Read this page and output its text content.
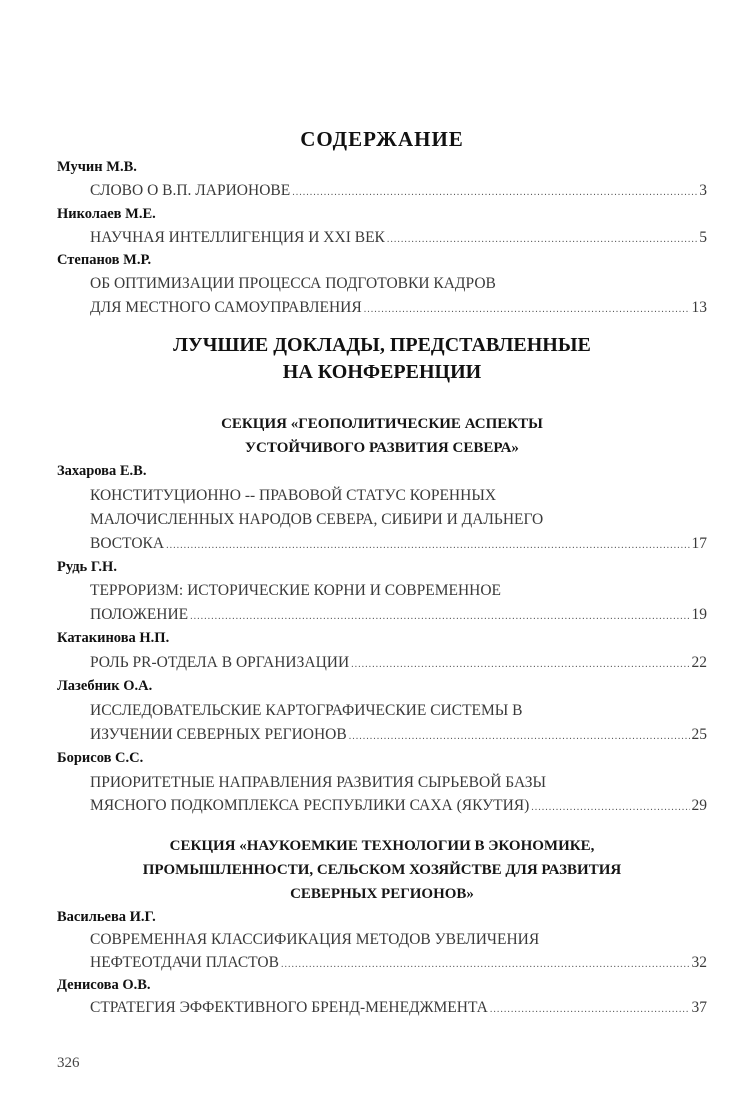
СОДЕРЖАНИЕ
Мучин М.В.
СЛОВО О В.П. ЛАРИОНОВЕ .....	3
Николаев М.Е.
НАУЧНАЯ ИНТЕЛЛИГЕНЦИЯ И XXI ВЕК .....	5
Степанов М.Р.
ОБ ОПТИМИЗАЦИИ ПРОЦЕССА ПОДГОТОВКИ КАДРОВ
ДЛЯ МЕСТНОГО САМОУПРАВЛЕНИЯ .....	13
ЛУЧШИЕ ДОКЛАДЫ, ПРЕДСТАВЛЕННЫЕ
НА КОНФЕРЕНЦИИ
СЕКЦИЯ «ГЕОПОЛИТИЧЕСКИЕ АСПЕКТЫ
УСТОЙЧИВОГО РАЗВИТИЯ СЕВЕРА»
Захарова Е.В.
КОНСТИТУЦИОННО -- ПРАВОВОЙ СТАТУС КОРЕННЫХ
МАЛОЧИСЛЕННЫХ НАРОДОВ СЕВЕРА, СИБИРИ И ДАЛЬНЕГО
ВОСТОКА .....	17
Рудь Г.Н.
ТЕРРОРИЗМ: ИСТОРИЧЕСКИЕ КОРНИ И СОВРЕМЕННОЕ
ПОЛОЖЕНИЕ .....	19
Катакинова Н.П.
РОЛЬ PR-ОТДЕЛА В ОРГАНИЗАЦИИ .....	22
Лазебник О.А.
ИССЛЕДОВАТЕЛЬСКИЕ КАРТОГРАФИЧЕСКИЕ СИСТЕМЫ В
ИЗУЧЕНИИ СЕВЕРНЫХ РЕГИОНОВ .....	25
Борисов С.С.
ПРИОРИТЕТНЫЕ НАПРАВЛЕНИЯ РАЗВИТИЯ СЫРЬЕВОЙ БАЗЫ
МЯСНОГО ПОДКОМПЛЕКСА РЕСПУБЛИКИ САХА (ЯКУТИЯ) .....	29
СЕКЦИЯ «НАУКОЕМКИЕ ТЕХНОЛОГИИ В ЭКОНОМИКЕ,
ПРОМЫШЛЕННОСТИ, СЕЛЬСКОМ ХОЗЯЙСТВЕ ДЛЯ РАЗВИТИЯ
СЕВЕРНЫХ РЕГИОНОВ»
Васильева И.Г.
СОВРЕМЕННАЯ КЛАССИФИКАЦИЯ МЕТОДОВ УВЕЛИЧЕНИЯ
НЕФТЕОТДАЧИ ПЛАСТОВ .....	32
Денисова О.В.
СТРАТЕГИЯ ЭФФЕКТИВНОГО БРЕНД-МЕНЕДЖМЕНТА .....	37
326
